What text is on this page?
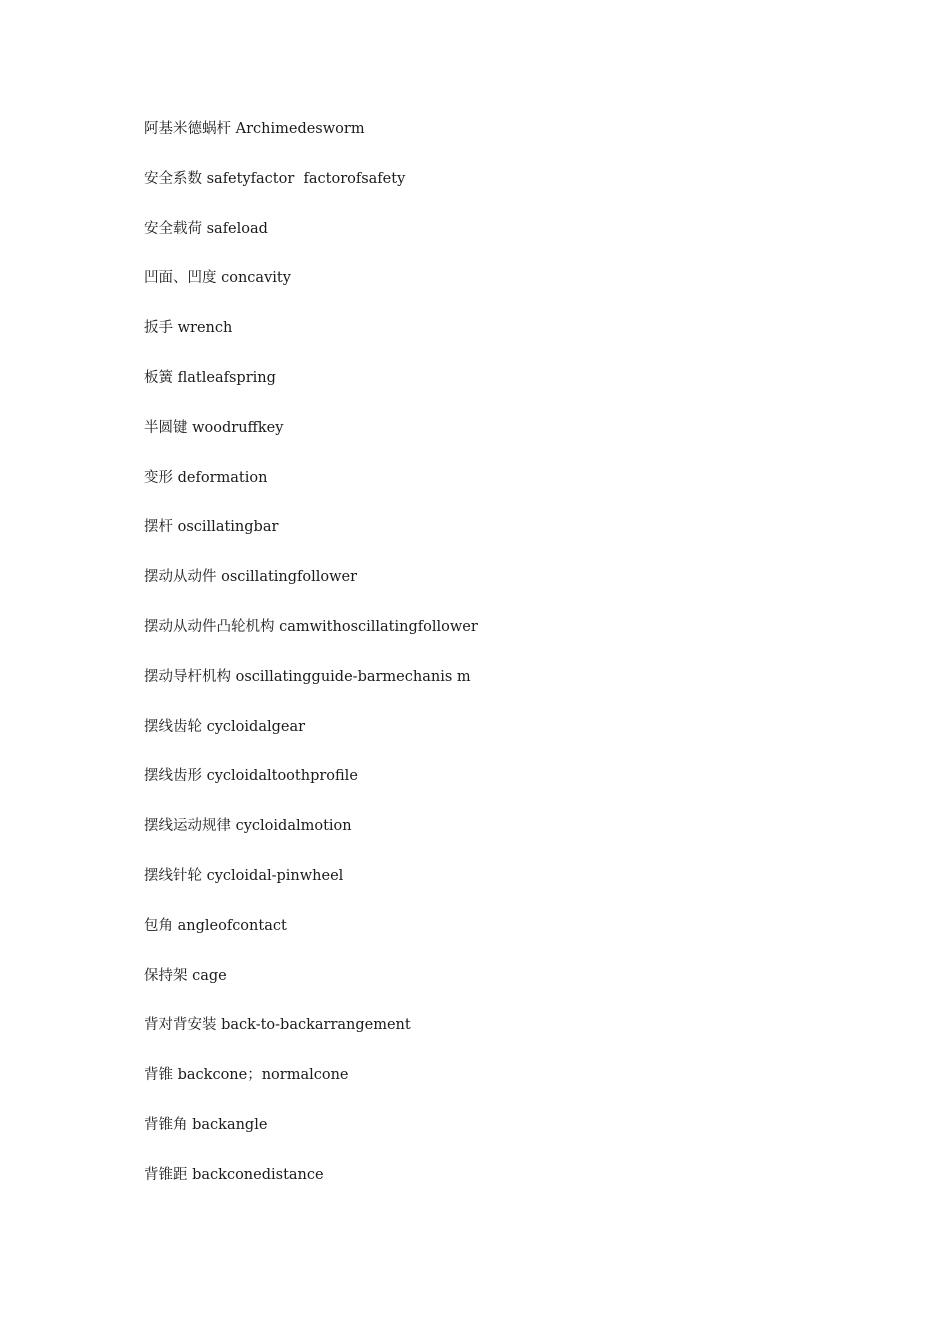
阿基米德蜗杆 Archimedesworm
安全系数 safetyfactor  factorofsafety
安全载荷 safeload
凹面、凹度 concavity
扳手 wrench
板簧 flatleafspring
半圆键 woodruffkey
变形 deformation
摆杆 oscillatingbar
摆动从动件 oscillatingfollower
摆动从动件凸轮机构 camwithoscillatingfollower
摆动导杆机构 oscillatingguide-barmechanis m
摆线齿轮 cycloidalgear
摆线齿形 cycloidaltoothprofile
摆线运动规律 cycloidalmotion
摆线针轮 cycloidal-pinwheel
包角 angleofcontact
保持架 cage
背对背安装 back-to-backarrangement
背锥 backcone；normalcone
背锥角 backangle
背锥距 backconedistance
